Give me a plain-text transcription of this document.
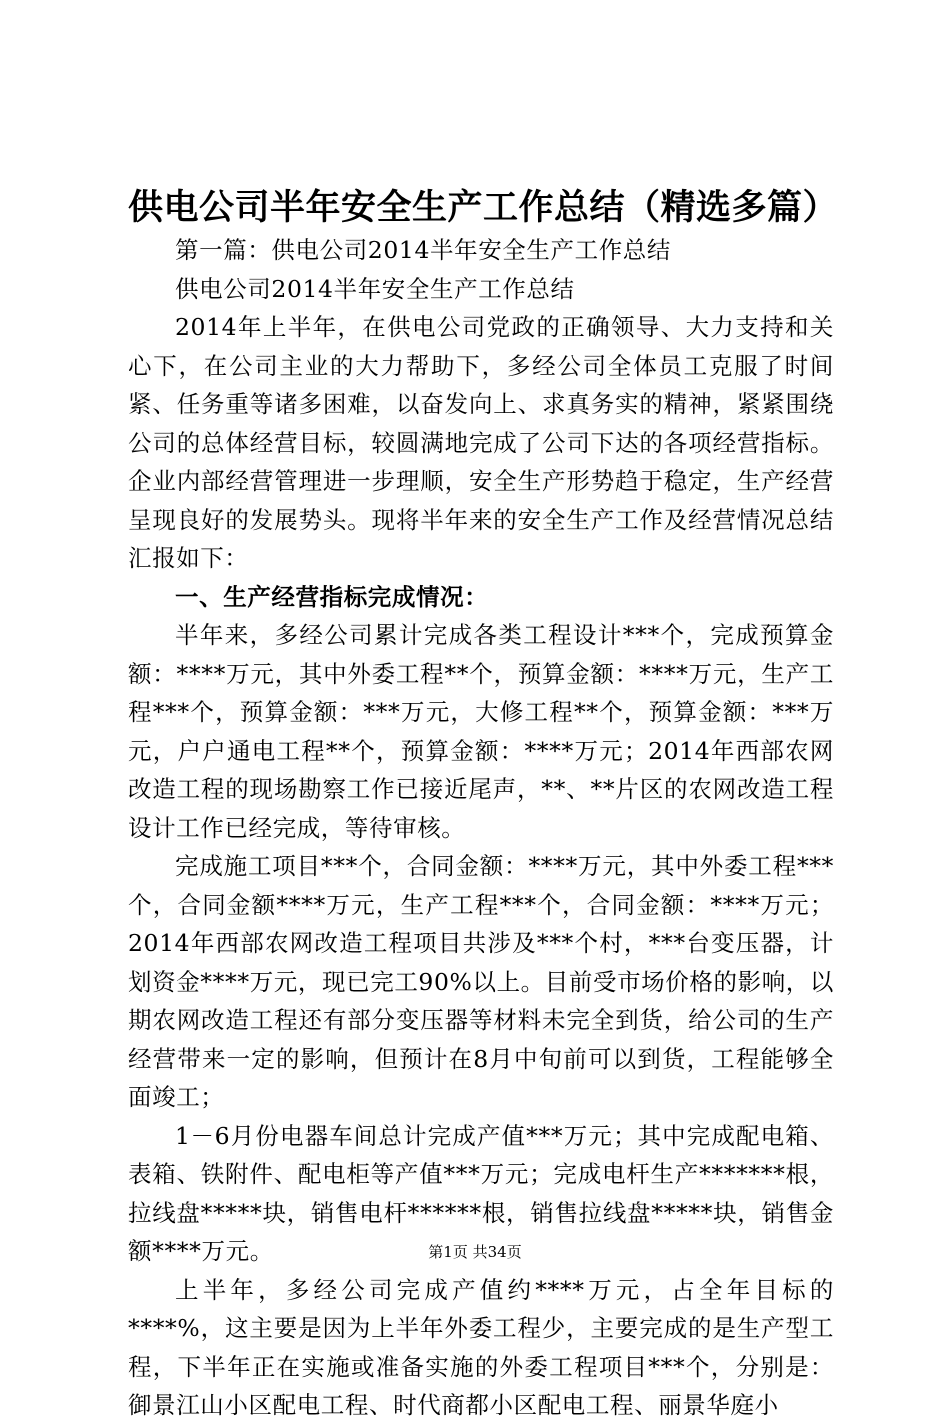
供电公司半年安全生产工作总结（精选多篇）

第一篇：供电公司2014半年安全生产工作总结

供电公司2014半年安全生产工作总结

2014年上半年，在供电公司党政的正确领导、大力支持和关心下，在公司主业的大力帮助下，多经公司全体员工克服了时间紧、任务重等诸多困难，以奋发向上、求真务实的精神，紧紧围绕公司的总体经营目标，较圆满地完成了公司下达的各项经营指标。企业内部经营管理进一步理顺，安全生产形势趋于稳定，生产经营呈现良好的发展势头。现将半年来的安全生产工作及经营情况总结汇报如下：

一、生产经营指标完成情况：

半年来，多经公司累计完成各类工程设计***个，完成预算金额：****万元，其中外委工程**个，预算金额：****万元，生产工程***个，预算金额：***万元，大修工程**个，预算金额：***万元，户户通电工程**个，预算金额：****万元；2014年西部农网改造工程的现场勘察工作已接近尾声，**、**片区的农网改造工程设计工作已经完成，等待审核。

完成施工项目***个，合同金额：****万元，其中外委工程***个，合同金额****万元，生产工程***个，合同金额：****万元；2014年西部农网改造工程项目共涉及***个村，***台变压器，计划资金****万元，现已完工90%以上。目前受市场价格的影响，以期农网改造工程还有部分变压器等材料未完全到货，给公司的生产经营带来一定的影响，但预计在8月中旬前可以到货，工程能够全面竣工；

1－6月份电器车间总计完成产值***万元；其中完成配电箱、表箱、铁附件、配电柜等产值***万元；完成电杆生产*******根，拉线盘*****块，销售电杆******根，销售拉线盘*****块，销售金额****万元。

上半年，多经公司完成产值约****万元，占全年目标的****%，这主要是因为上半年外委工程少，主要完成的是生产型工程，下半年正在实施或准备实施的外委工程项目***个，分别是：御景江山小区配电工程、时代商都小区配电工程、丽景华庭小

第1页 共34页
